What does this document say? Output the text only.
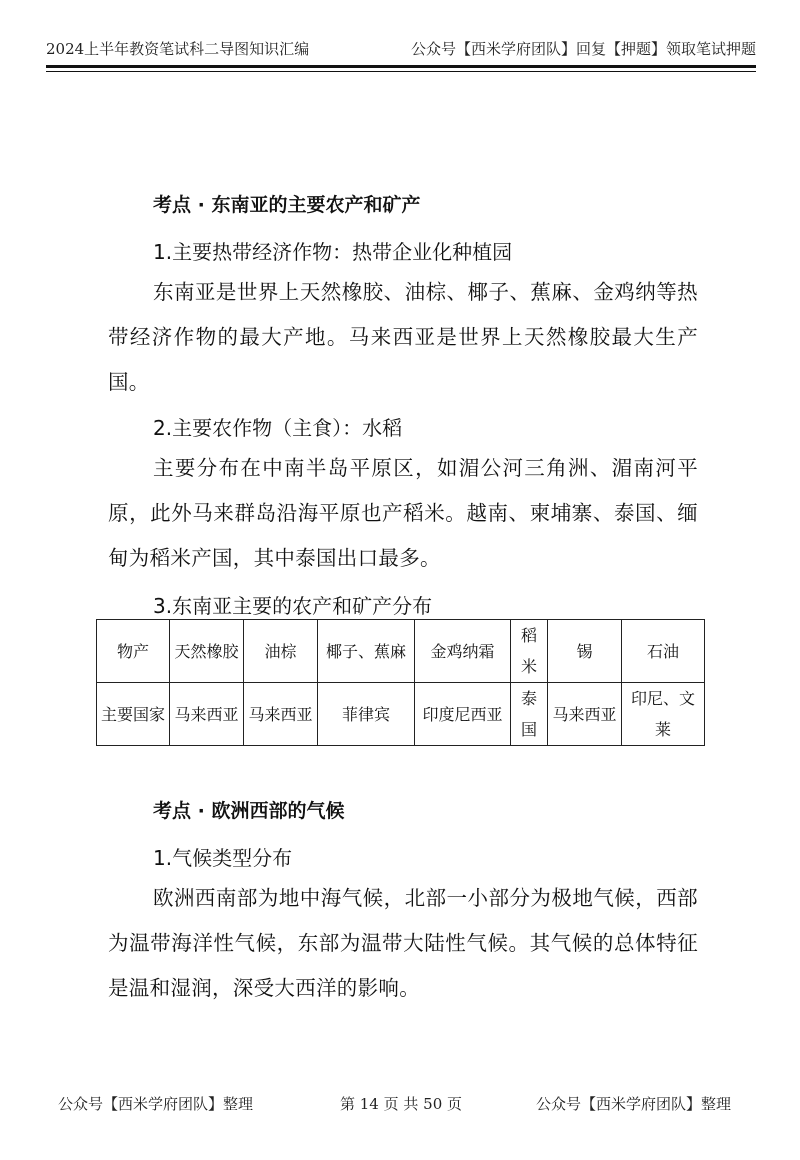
2024上半年教资笔试科二导图知识汇编	公众号【西米学府团队】回复【押题】领取笔试押题
考点 · 东南亚的主要农产和矿产
1.主要热带经济作物：热带企业化种植园
东南亚是世界上天然橡胶、油棕、椰子、蕉麻、金鸡纳等热带经济作物的最大产地。马来西亚是世界上天然橡胶最大生产国。
2.主要农作物（主食）：水稻
主要分布在中南半岛平原区，如湄公河三角洲、湄南河平原，此外马来群岛沿海平原也产稻米。越南、柬埔寨、泰国、缅甸为稻米产国，其中泰国出口最多。
3.东南亚主要的农产和矿产分布
物产	天然橡胶	油棕	椰子、蕉麻	金鸡纳霜	稻米	锡	石油
主要国家	马来西亚	马来西亚	菲律宾	印度尼西亚	泰国	马来西亚	印尼、文莱
考点 · 欧洲西部的气候
1.气候类型分布
欧洲西南部为地中海气候，北部一小部分为极地气候，西部为温带海洋性气候，东部为温带大陆性气候。其气候的总体特征是温和湿润，深受大西洋的影响。
公众号【西米学府团队】整理	第 14 页 共 50 页	公众号【西米学府团队】整理
